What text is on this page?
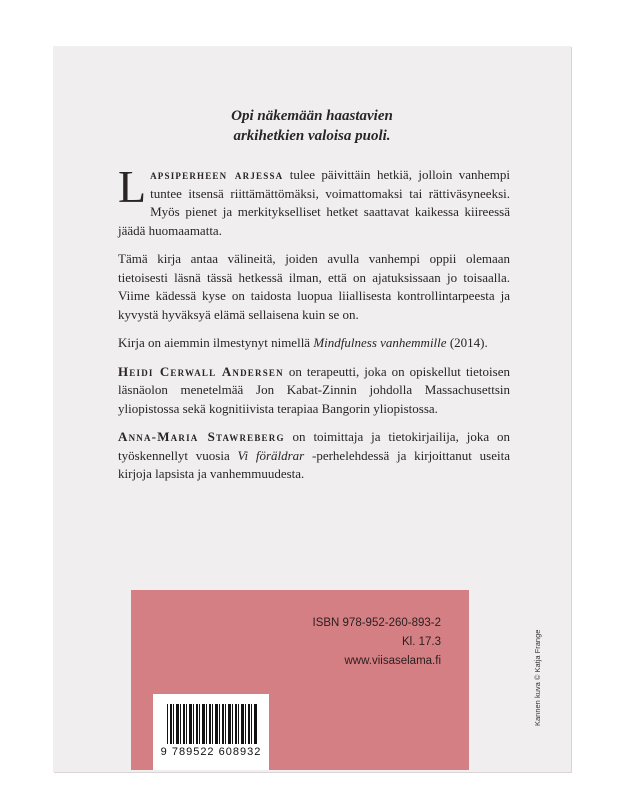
Opi näkemään haastavien
arkihetkien valoisa puoli.

Lapsiperheen arjessa tulee päivittäin hetkiä, jolloin vanhempi tuntee itsensä riittämättömäksi, voimattomaksi tai rättiväsyneeksi. Myös pienet ja merkitykselliset hetket saattavat kaikessa kiireessä jäädä huomaamatta.

Tämä kirja antaa välineitä, joiden avulla vanhempi oppii olemaan tietoisesti läsnä tässä hetkessä ilman, että on ajatuksissaan jo toisaalla. Viime kädessä kyse on taidosta luopua liiallisesta kontrollintarpeesta ja kyvystä hyväksyä elämä sellaisena kuin se on.

Kirja on aiemmin ilmestynyt nimellä Mindfulness vanhemmille (2014).

Heidi Cerwall Andersen on terapeutti, joka on opiskellut tietoisen läsnäolon menetelmää Jon Kabat-Zinnin johdolla Massachusettsin yliopistossa sekä kognitiivista terapiaa Bangorin yliopistossa.

Anna-Maria Stawreberg on toimittaja ja tietokirjailija, joka on työskennellyt vuosia Vi föräldrar -perhelehdessä ja kirjoittanut useita kirjoja lapsista ja vanhemmuudesta.

ISBN 978-952-260-893-2
Kl. 17.3
www.viisaselama.fi
9 789522 608932
Kannen kuva © Katja Frange
